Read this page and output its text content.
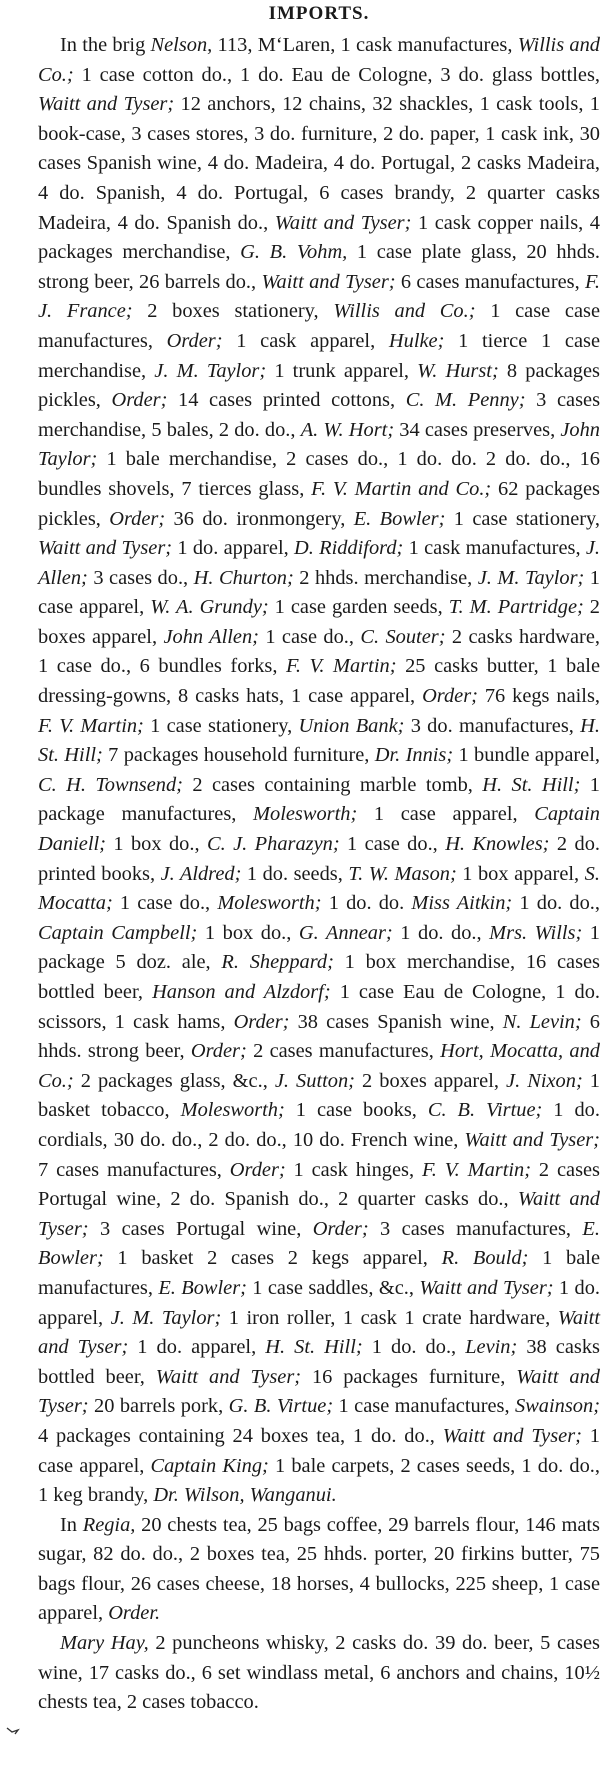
IMPORTS.

In the brig Nelson, 113, M‘Laren, 1 cask manufactures, Willis and Co.; 1 case cotton do., 1 do. Eau de Cologne, 3 do. glass bottles, Waitt and Tyser; 12 anchors, 12 chains, 32 shackles, 1 cask tools, 1 book-case, 3 cases stores, 3 do. furniture, 2 do. paper, 1 cask ink, 30 cases Spanish wine, 4 do. Madeira, 4 do. Portugal, 2 casks Madeira, 4 do. Spanish, 4 do. Portugal, 6 cases brandy, 2 quarter casks Madeira, 4 do. Spanish do., Waitt and Tyser; 1 cask copper nails, 4 packages merchandise, G. B. Vohm, 1 case plate glass, 20 hhds. strong beer, 26 barrels do., Waitt and Tyser; 6 cases manufactures, F. J. France; 2 boxes stationery, Willis and Co.; 1 case case manufactures, Order; 1 cask apparel, Hulke; 1 tierce 1 case merchandise, J. M. Taylor; 1 trunk apparel, W. Hurst; 8 packages pickles, Order; 14 cases printed cottons, C. M. Penny; 3 cases merchandise, 5 bales, 2 do. do., A. W. Hort; 34 cases preserves, John Taylor; 1 bale merchandise, 2 cases do., 1 do. do. 2 do. do., 16 bundles shovels, 7 tierces glass, F. V. Martin and Co.; 62 packages pickles, Order; 36 do. ironmongery, E. Bowler; 1 case stationery, Waitt and Tyser; 1 do. apparel, D. Riddiford; 1 cask manufactures, J. Allen; 3 cases do., H. Churton; 2 hhds. merchandise, J. M. Taylor; 1 case apparel, W. A. Grundy; 1 case garden seeds, T. M. Partridge; 2 boxes apparel, John Allen; 1 case do., C. Souter; 2 casks hardware, 1 case do., 6 bundles forks, F. V. Martin; 25 casks butter, 1 bale dressing-gowns, 8 casks hats, 1 case apparel, Order; 76 kegs nails, F. V. Martin; 1 case stationery, Union Bank; 3 do. manufactures, H. St. Hill; 7 packages household furniture, Dr. Innis; 1 bundle apparel, C. H. Townsend; 2 cases containing marble tomb, H. St. Hill; 1 package manufactures, Molesworth; 1 case apparel, Captain Daniell; 1 box do., C. J. Pharazyn; 1 case do., H. Knowles; 2 do. printed books, J. Aldred; 1 do. seeds, T. W. Mason; 1 box apparel, S. Mocatta; 1 case do., Molesworth; 1 do. do. Miss Aitkin; 1 do. do., Captain Campbell; 1 box do., G. Annear; 1 do. do., Mrs. Wills; 1 package 5 doz. ale, R. Sheppard; 1 box merchandise, 16 cases bottled beer, Hanson and Alzdorf; 1 case Eau de Cologne, 1 do. scissors, 1 cask hams, Order; 38 cases Spanish wine, N. Levin; 6 hhds. strong beer, Order; 2 cases manufactures, Hort, Mocatta, and Co.; 2 packages glass, &c., J. Sutton; 2 boxes apparel, J. Nixon; 1 basket tobacco, Molesworth; 1 case books, C. B. Virtue; 1 do. cordials, 30 do. do., 2 do. do., 10 do. French wine, Waitt and Tyser; 7 cases manufactures, Order; 1 cask hinges, F. V. Martin; 2 cases Portugal wine, 2 do. Spanish do., 2 quarter casks do., Waitt and Tyser; 3 cases Portugal wine, Order; 3 cases manufactures, E. Bowler; 1 basket 2 cases 2 kegs apparel, R. Bould; 1 bale manufactures, E. Bowler; 1 case saddles, &c., Waitt and Tyser; 1 do. apparel, J. M. Taylor; 1 iron roller, 1 cask 1 crate hardware, Waitt and Tyser; 1 do. apparel, H. St. Hill; 1 do. do., Levin; 38 casks bottled beer, Waitt and Tyser; 16 packages furniture, Waitt and Tyser; 20 barrels pork, G. B. Virtue; 1 case manufactures, Swainson; 4 packages containing 24 boxes tea, 1 do. do., Waitt and Tyser; 1 case apparel, Captain King; 1 bale carpets, 2 cases seeds, 1 do. do., 1 keg brandy, Dr. Wilson, Wanganui.

In Regia, 20 chests tea, 25 bags coffee, 29 barrels flour, 146 mats sugar, 82 do. do., 2 boxes tea, 25 hhds. porter, 20 firkins butter, 75 bags flour, 26 cases cheese, 18 horses, 4 bullocks, 225 sheep, 1 case apparel, Order.

Mary Hay, 2 puncheons whisky, 2 casks do. 39 do. beer, 5 cases wine, 17 casks do., 6 set windlass metal, 6 anchors and chains, 10½ chests tea, 2 cases tobacco.
